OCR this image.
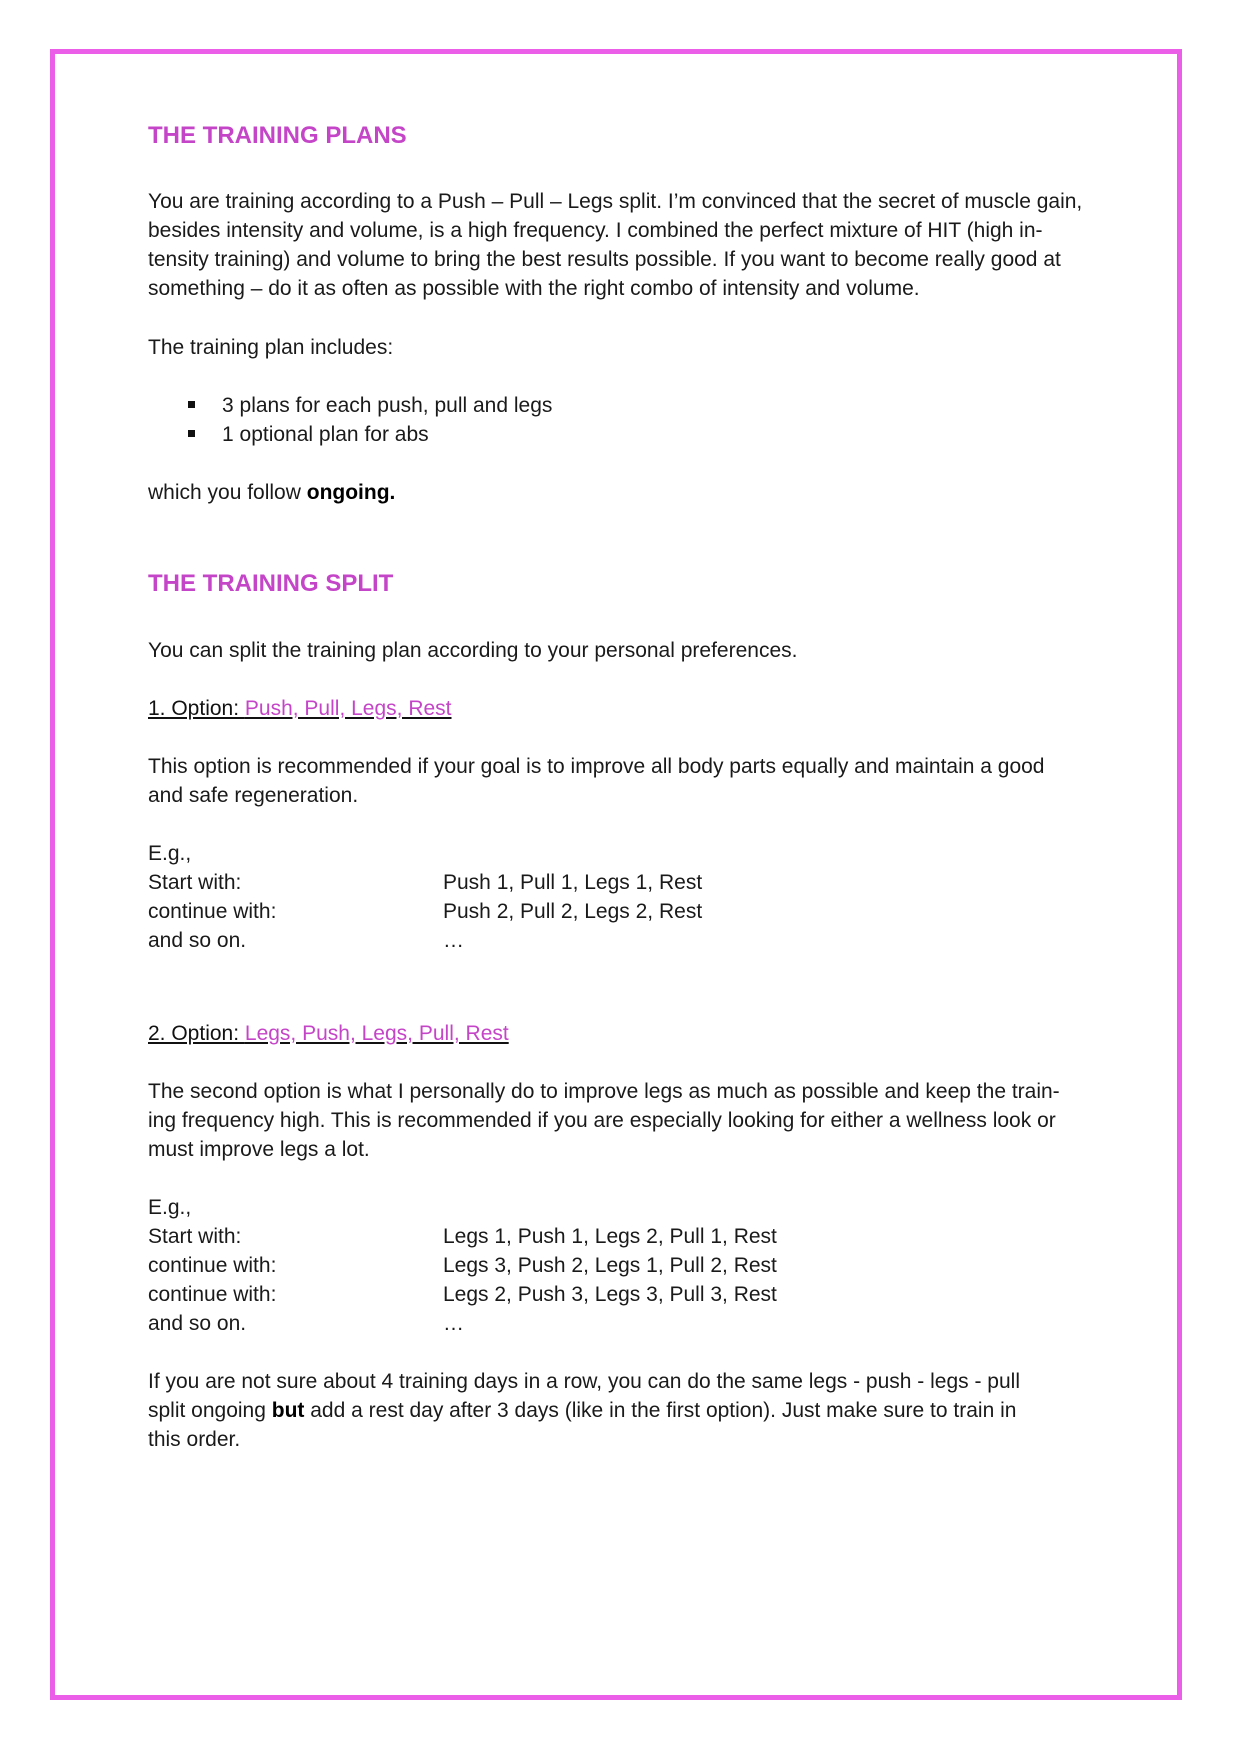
THE TRAINING PLANS
You are training according to a Push – Pull – Legs split. I’m convinced that the secret of muscle gain,
besides intensity and volume, is a high frequency. I combined the perfect mixture of HIT (high in-
tensity training) and volume to bring the best results possible. If you want to become really good at
something – do it as often as possible with the right combo of intensity and volume.
The training plan includes:
3 plans for each push, pull and legs
1 optional plan for abs
which you follow ongoing.
THE TRAINING SPLIT
You can split the training plan according to your personal preferences.
1. Option: Push, Pull, Legs, Rest
This option is recommended if your goal is to improve all body parts equally and maintain a good
and safe regeneration.
E.g.,
Start with:	Push 1, Pull 1, Legs 1, Rest
continue with:	Push 2, Pull 2, Legs 2, Rest
and so on.	…
2. Option: Legs, Push, Legs, Pull, Rest
The second option is what I personally do to improve legs as much as possible and keep the train-
ing frequency high. This is recommended if you are especially looking for either a wellness look or
must improve legs a lot.
E.g.,
Start with:	Legs 1, Push 1, Legs 2, Pull 1, Rest
continue with:	Legs 3, Push 2, Legs 1, Pull 2, Rest
continue with:	Legs 2, Push 3, Legs 3, Pull 3, Rest
and so on.	…
If you are not sure about 4 training days in a row, you can do the same legs - push - legs - pull
split ongoing but add a rest day after 3 days (like in the first option). Just make sure to train in
this order.
